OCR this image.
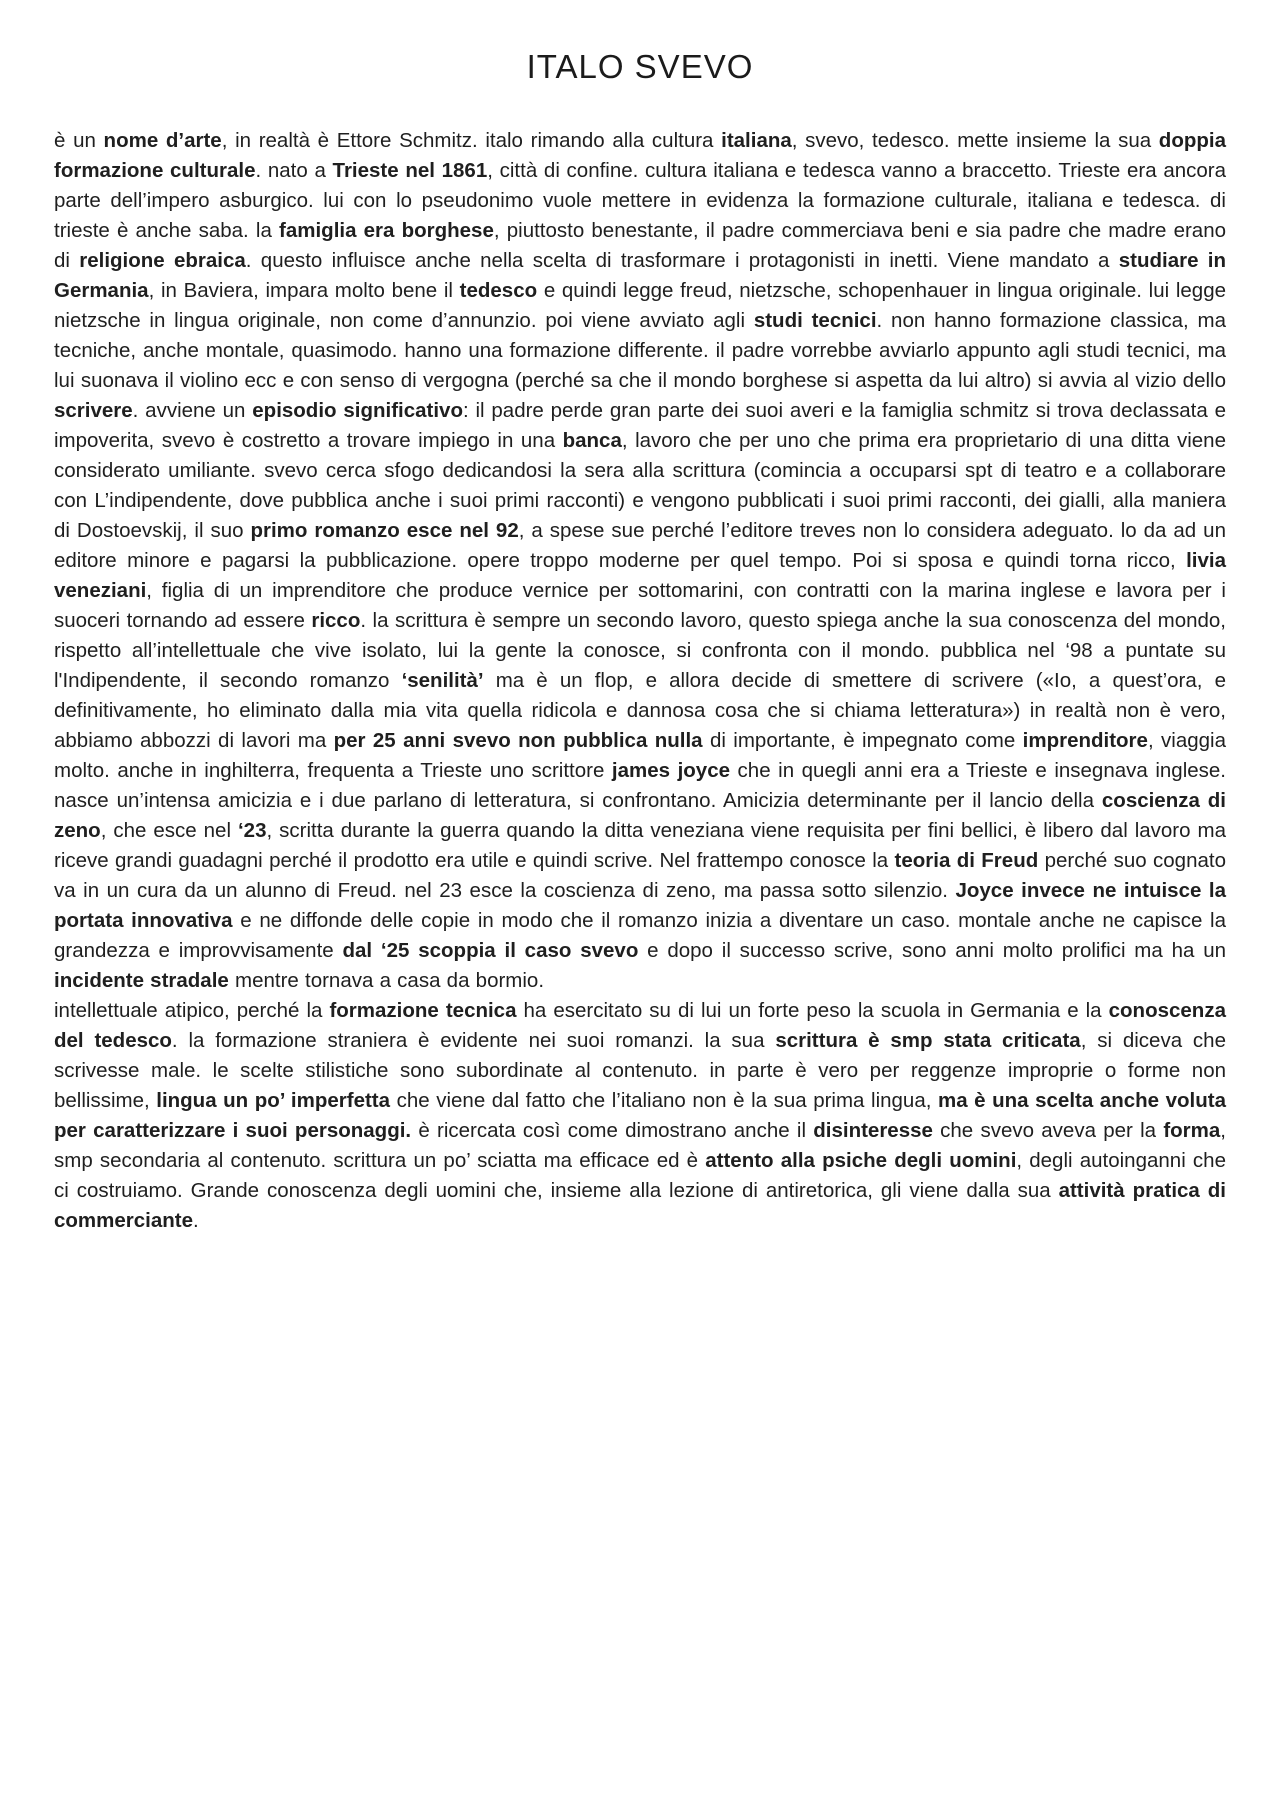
ITALO SVEVO

è un nome d’arte, in realtà è Ettore Schmitz. italo rimando alla cultura italiana, svevo, tedesco. mette insieme la sua doppia formazione culturale. nato a Trieste nel 1861, città di confine. cultura italiana e tedesca vanno a braccetto. Trieste era ancora parte dell’impero asburgico. lui con lo pseudonimo vuole mettere in evidenza la formazione culturale, italiana e tedesca. di trieste è anche saba. la famiglia era borghese, piuttosto benestante, il padre commerciava beni e sia padre che madre erano di religione ebraica. questo influisce anche nella scelta di trasformare i protagonisti in inetti. Viene mandato a studiare in Germania, in Baviera, impara molto bene il tedesco e quindi legge freud, nietzsche, schopenhauer in lingua originale. lui legge nietzsche in lingua originale, non come d’annunzio. poi viene avviato agli studi tecnici. non hanno formazione classica, ma tecniche, anche montale, quasimodo. hanno una formazione differente. il padre vorrebbe avviarlo appunto agli studi tecnici, ma lui suonava il violino ecc e con senso di vergogna (perché sa che il mondo borghese si aspetta da lui altro) si avvia al vizio dello scrivere. avviene un episodio significativo: il padre perde gran parte dei suoi averi e la famiglia schmitz si trova declassata e impoverita, svevo è costretto a trovare impiego in una banca, lavoro che per uno che prima era proprietario di una ditta viene considerato umiliante. svevo cerca sfogo dedicandosi la sera alla scrittura (comincia a occuparsi spt di teatro e a collaborare con L’indipendente, dove pubblica anche i suoi primi racconti) e vengono pubblicati i suoi primi racconti, dei gialli, alla maniera di Dostoevskij, il suo primo romanzo esce nel 92, a spese sue perché l’editore treves non lo considera adeguato. lo da ad un editore minore e pagarsi la pubblicazione. opere troppo moderne per quel tempo. Poi si sposa e quindi torna ricco, livia veneziani, figlia di un imprenditore che produce vernice per sottomarini, con contratti con la marina inglese e lavora per i suoceri tornando ad essere ricco. la scrittura è sempre un secondo lavoro, questo spiega anche la sua conoscenza del mondo, rispetto all’intellettuale che vive isolato, lui la gente la conosce, si confronta con il mondo. pubblica nel ‘98 a puntate su l'Indipendente, il secondo romanzo ‘senilità’ ma è un flop, e allora decide di smettere di scrivere («Io, a quest’ora, e definitivamente, ho eliminato dalla mia vita quella ridicola e dannosa cosa che si chiama letteratura») in realtà non è vero, abbiamo abbozzi di lavori ma per 25 anni svevo non pubblica nulla di importante, è impegnato come imprenditore, viaggia molto. anche in inghilterra, frequenta a Trieste uno scrittore james joyce che in quegli anni era a Trieste e insegnava inglese. nasce un’intensa amicizia e i due parlano di letteratura, si confrontano. Amicizia determinante per il lancio della coscienza di zeno, che esce nel ‘23, scritta durante la guerra quando la ditta veneziana viene requisita per fini bellici, è libero dal lavoro ma riceve grandi guadagni perché il prodotto era utile e quindi scrive. Nel frattempo conosce la teoria di Freud perché suo cognato va in un cura da un alunno di Freud. nel 23 esce la coscienza di zeno, ma passa sotto silenzio. Joyce invece ne intuisce la portata innovativa e ne diffonde delle copie in modo che il romanzo inizia a diventare un caso. montale anche ne capisce la grandezza e improvvisamente dal ‘25 scoppia il caso svevo e dopo il successo scrive, sono anni molto prolifici ma ha un incidente stradale mentre tornava a casa da bormio.

intellettuale atipico, perché la formazione tecnica ha esercitato su di lui un forte peso la scuola in Germania e la conoscenza del tedesco. la formazione straniera è evidente nei suoi romanzi. la sua scrittura è smp stata criticata, si diceva che scrivesse male. le scelte stilistiche sono subordinate al contenuto. in parte è vero per reggenze improprie o forme non bellissime, lingua un po’ imperfetta che viene dal fatto che l’italiano non è la sua prima lingua, ma è una scelta anche voluta per caratterizzare i suoi personaggi. è ricercata così come dimostrano anche il disinteresse che svevo aveva per la forma, smp secondaria al contenuto. scrittura un po’ sciatta ma efficace ed è attento alla psiche degli uomini, degli autoinganni che ci costruiamo. Grande conoscenza degli uomini che, insieme alla lezione di antiretorica, gli viene dalla sua attività pratica di commerciante.
